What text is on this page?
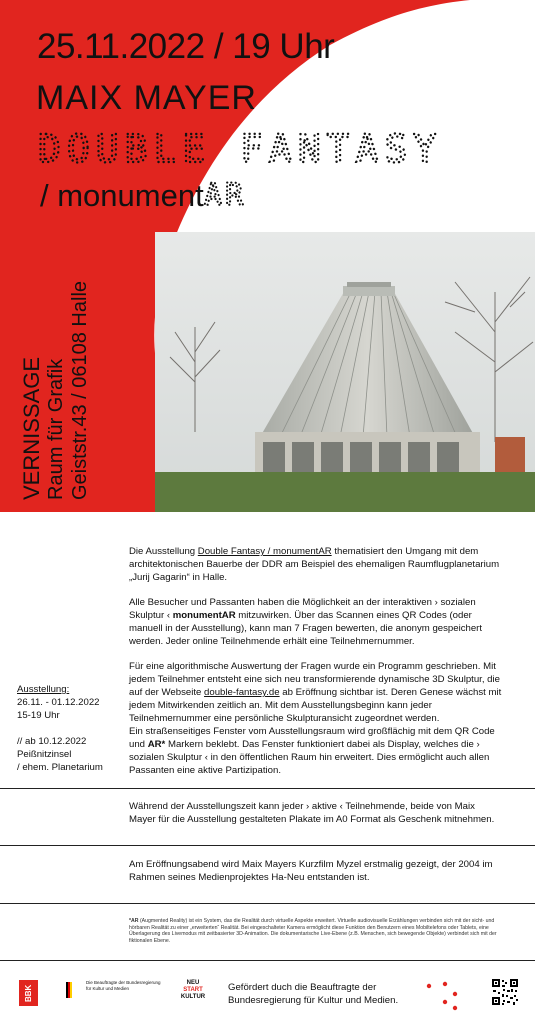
25.11.2022 / 19 Uhr
MAIX MAYER
DOUBLE FANTASY
/ monument AR
VERNISSAGE Raum für Grafik Geiststr.43 / 06108 Halle

Die Ausstellung Double Fantasy / monumentAR thematisiert den Umgang mit dem architektonischen Bauerbe der DDR am Beispiel des ehemaligen Raumflugplanetarium „Jurij Gagarin“ in Halle.

Alle Besucher und Passanten haben die Möglichkeit an der interaktiven › sozialen Skulptur ‹ monumentAR mitzuwirken. Über das Scannen eines QR Codes (oder manuell in der Ausstellung), kann man 7 Fragen bewerten, die anonym gespeichert werden. Jeder online Teilnehmende erhält eine Teilnehmernummer.

Für eine algorithmische Auswertung der Fragen wurde ein Programm geschrieben. Mit jedem Teilnehmer entsteht eine sich neu transformierende dynamische 3D Skulptur, die auf der Webseite double-fantasy.de ab Eröffnung sichtbar ist. Deren Genese wächst mit jedem Mitwirkenden zeitlich an. Mit dem Ausstellungsbeginn kann jeder Teilnehmernummer eine persönliche Skulpturansicht zugeordnet werden.
Ein straßenseitiges Fenster vom Ausstellungsraum wird großflächig mit dem QR Code und AR* Markern beklebt. Das Fenster funktioniert dabei als Display, welches die › sozialen Skulptur ‹ in den öffentlichen Raum hin erweitert. Dies ermöglicht auch allen Passanten eine aktive Partizipation.

Ausstellung:
26.11. - 01.12.2022
15-19 Uhr
// ab 10.12.2022
Peißnitzinsel
/ ehem. Planetarium
Während der Ausstellungszeit kann jeder › aktive ‹ Teilnehmende, beide von Maix Mayer für die Ausstellung gestalteten Plakate im A0 Format als Geschenk mitnehmen.
Am Eröffnungsabend wird Maix Mayers Kurzfilm Myzel erstmalig gezeigt, der 2004 im Rahmen seines Medienprojektes Ha-Neu entstanden ist.
*AR (Augmented Reality) ist ein System, das die Realität durch virtuelle Aspekte erweitert. Virtuelle audiovisuelle Erzählungen verbinden sich mit der sicht- und hörbaren Realität zu einer „erweiterten“ Realität. Bei eingeschalteter Kamera ermöglicht diese Funktion den Benutzern eines Mobiltelefons oder Tablets, eine Überlagerung des Livemodus mit zeitbasierter 3D-Animation. Die dokumentarische Live-Ebene (z.B. Menschen, sich bewegende Objekte) verbindet sich mit der fiktionalen Ebene.
BBK
Die Beauftragte der Bundesregierung für Kultur und Medien
NEU
START
KULTUR
Gefördert duch die Beauftragte der Bundesregierung für Kultur und Medien.
